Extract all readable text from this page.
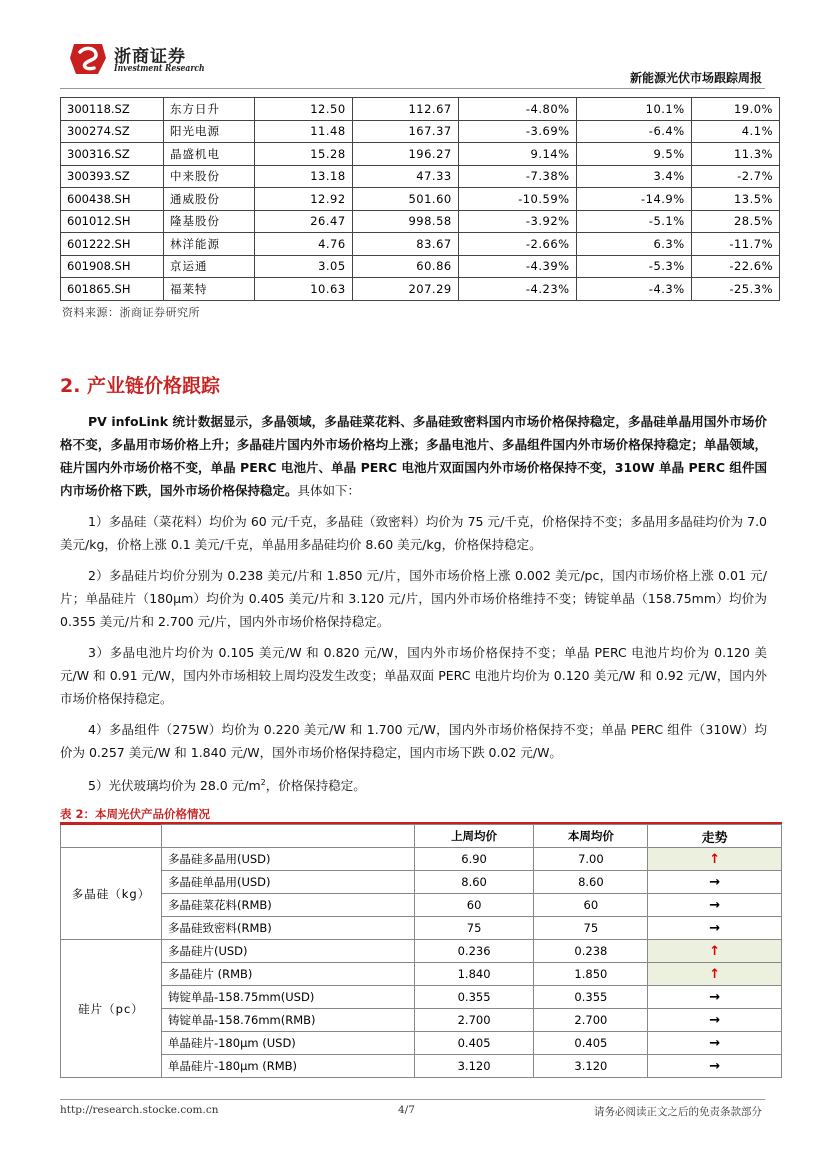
浙商证券
Investment Research
新能源光伏市场跟踪周报
300118.SZ	东方日升	12.50	112.67	-4.80%	10.1%	19.0%
300274.SZ	阳光电源	11.48	167.37	-3.69%	-6.4%	4.1%
300316.SZ	晶盛机电	15.28	196.27	9.14%	9.5%	11.3%
300393.SZ	中来股份	13.18	47.33	-7.38%	3.4%	-2.7%
600438.SH	通威股份	12.92	501.60	-10.59%	-14.9%	13.5%
601012.SH	隆基股份	26.47	998.58	-3.92%	-5.1%	28.5%
601222.SH	林洋能源	4.76	83.67	-2.66%	6.3%	-11.7%
601908.SH	京运通	3.05	60.86	-4.39%	-5.3%	-22.6%
601865.SH	福莱特	10.63	207.29	-4.23%	-4.3%	-25.3%
资料来源：浙商证券研究所
2. 产业链价格跟踪
PV infoLink 统计数据显示，多晶领域，多晶硅菜花料、多晶硅致密料国内市场价格保持稳定，多晶硅单晶用国外市场价格不变，多晶用市场价格上升；多晶硅片国内外市场价格均上涨；多晶电池片、多晶组件国内外市场价格保持稳定；单晶领域，硅片国内外市场价格不变，单晶 PERC 电池片、单晶 PERC 电池片双面国内外市场价格保持不变，310W 单晶 PERC 组件国内市场价格下跌，国外市场价格保持稳定。具体如下：
1）多晶硅（菜花料）均价为 60 元/千克，多晶硅（致密料）均价为 75 元/千克，价格保持不变；多晶用多晶硅均价为 7.0 美元/kg，价格上涨 0.1 美元/千克，单晶用多晶硅均价 8.60 美元/kg，价格保持稳定。
2）多晶硅片均价分别为 0.238 美元/片和 1.850 元/片，国外市场价格上涨 0.002 美元/pc，国内市场价格上涨 0.01 元/片；单晶硅片（180μm）均价为 0.405 美元/片和 3.120 元/片，国内外市场价格维持不变；铸锭单晶（158.75mm）均价为 0.355 美元/片和 2.700 元/片，国内外市场价格保持稳定。
3）多晶电池片均价为 0.105 美元/W 和 0.820 元/W，国内外市场价格保持不变；单晶 PERC 电池片均价为 0.120 美元/W 和 0.91 元/W，国内外市场相较上周均没发生改变；单晶双面 PERC 电池片均价为 0.120 美元/W 和 0.92 元/W，国内外市场价格保持稳定。
4）多晶组件（275W）均价为 0.220 美元/W 和 1.700 元/W，国内外市场价格保持不变；单晶 PERC 组件（310W）均价为 0.257 美元/W 和 1.840 元/W，国外市场价格保持稳定，国内市场下跌 0.02 元/W。
5）光伏玻璃均价为 28.0 元$/m^2$，价格保持稳定。
表 2：本周光伏产品价格情况
		上周均价	本周均价	走势
多晶硅（kg）	多晶硅多晶用(USD)	6.90	7.00	↑
	多晶硅单晶用(USD)	8.60	8.60	→
	多晶硅菜花料(RMB)	60	60	→
	多晶硅致密料(RMB)	75	75	→
硅片（pc）	多晶硅片(USD)	0.236	0.238	↑
	多晶硅片 (RMB)	1.840	1.850	↑
	铸锭单晶-158.75mm(USD)	0.355	0.355	→
	铸锭单晶-158.76mm(RMB)	2.700	2.700	→
	单晶硅片-180μm (USD)	0.405	0.405	→
	单晶硅片-180μm (RMB)	3.120	3.120	→
http://research.stocke.com.cn	4/7	请务必阅读正文之后的免责条款部分
